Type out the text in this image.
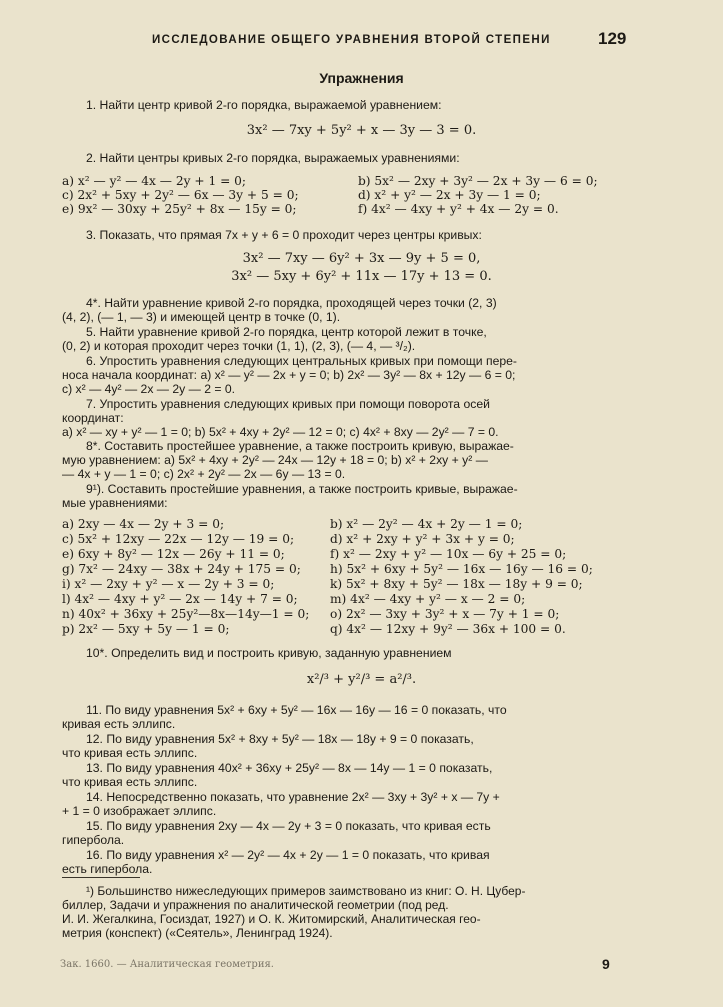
ИССЛЕДОВАНИЕ ОБЩЕГО УРАВНЕНИЯ ВТОРОЙ СТЕПЕНИ	129
Упражнения
1. Найти центр кривой 2-го порядка, выражаемой уравнением:
3x² — 7xy + 5y² + x — 3y — 3 = 0.
2. Найти центры кривых 2-го порядка, выражаемых уравнениями:
a) x² — y² — 4x — 2y + 1 = 0;	b) 5x² — 2xy + 3y² — 2x + 3y — 6 = 0;
c) 2x² + 5xy + 2y² — 6x — 3y + 5 = 0;	d) x² + y² — 2x + 3y — 1 = 0;
e) 9x² — 30xy + 25y² + 8x — 15y = 0;	f) 4x² — 4xy + y² + 4x — 2y = 0.
3. Показать, что прямая 7x + y + 6 = 0 проходит через центры кривых:
3x² — 7xy — 6y² + 3x — 9y + 5 = 0,
3x² — 5xy + 6y² + 11x — 17y + 13 = 0.
4*. Найти уравнение кривой 2-го порядка, проходящей через точки (2, 3)
(4, 2), (— 1, — 3) и имеющей центр в точке (0, 1).
5. Найти уравнение кривой 2-го порядка, центр которой лежит в точке,
(0, 2) и которая проходит через точки (1, 1), (2, 3), (— 4, — ³/₂).
6. Упростить уравнения следующих центральных кривых при помощи пере-
носа начала координат: a) x² — y² — 2x + y = 0; b) 2x² — 3y² — 8x + 12y — 6 = 0;
c) x² — 4y² — 2x — 2y — 2 = 0.
7. Упростить уравнения следующих кривых при помощи поворота осей
координат:
a) x² — xy + y² — 1 = 0; b) 5x² + 4xy + 2y² — 12 = 0; c) 4x² + 8xy — 2y² — 7 = 0.
8*. Составить простейшее уравнение, а также построить кривую, выражае-
мую уравнением: a) 5x² + 4xy + 2y² — 24x — 12y + 18 = 0; b) x² + 2xy + y² —
— 4x + y — 1 = 0; c) 2x² + 2y² — 2x — 6y — 13 = 0.
9¹). Составить простейшие уравнения, а также построить кривые, выражае-
мые уравнениями:
a) 2xy — 4x — 2y + 3 = 0;	b) x² — 2y² — 4x + 2y — 1 = 0;
c) 5x² + 12xy — 22x — 12y — 19 = 0;	d) x² + 2xy + y² + 3x + y = 0;
e) 6xy + 8y² — 12x — 26y + 11 = 0;	f) x² — 2xy + y² — 10x — 6y + 25 = 0;
g) 7x² — 24xy — 38x + 24y + 175 = 0; h) 5x² + 6xy + 5y² — 16x — 16y — 16 = 0;
i) x² — 2xy + y² — x — 2y + 3 = 0;	k) 5x² + 8xy + 5y² — 18x — 18y + 9 = 0;
l) 4x² — 4xy + y² — 2x — 14y + 7 = 0;	m) 4x² — 4xy + y² — x — 2 = 0;
n) 40x² + 36xy + 25y²—8x—14y—1 = 0; o) 2x² — 3xy + 3y² + x — 7y + 1 = 0;
p) 2x² — 5xy + 5y — 1 = 0;	q) 4x² — 12xy + 9y² — 36x + 100 = 0.
10*. Определить вид и построить кривую, заданную уравнением
x²/³ + y²/³ = a²/³.
11. По виду уравнения 5x² + 6xy + 5y² — 16x — 16y — 16 = 0 показать, что
кривая есть эллипс.
12. По виду уравнения 5x² + 8xy + 5y² — 18x — 18y + 9 = 0 показать,
что кривая есть эллипс.
13. По виду уравнения 40x² + 36xy + 25y² — 8x — 14y — 1 = 0 показать,
что кривая есть эллипс.
14. Непосредственно показать, что уравнение 2x² — 3xy + 3y² + x — 7y +
+ 1 = 0 изображает эллипс.
15. По виду уравнения 2xy — 4x — 2y + 3 = 0 показать, что кривая есть
гипербола.
16. По виду уравнения x² — 2y² — 4x + 2y — 1 = 0 показать, что кривая
есть гипербола.
¹) Большинство нижеследующих примеров заимствовано из книг: О. Н. Цубер-
биллер, Задачи и упражнения по аналитической геометрии (под ред.
И. И. Жегалкина, Госиздат, 1927) и О. К. Житомирский, Аналитическая гео-
метрия (конспект) («Сеятель», Ленинград 1924).
Зак. 1660. — Аналитическая геометрия.	9
